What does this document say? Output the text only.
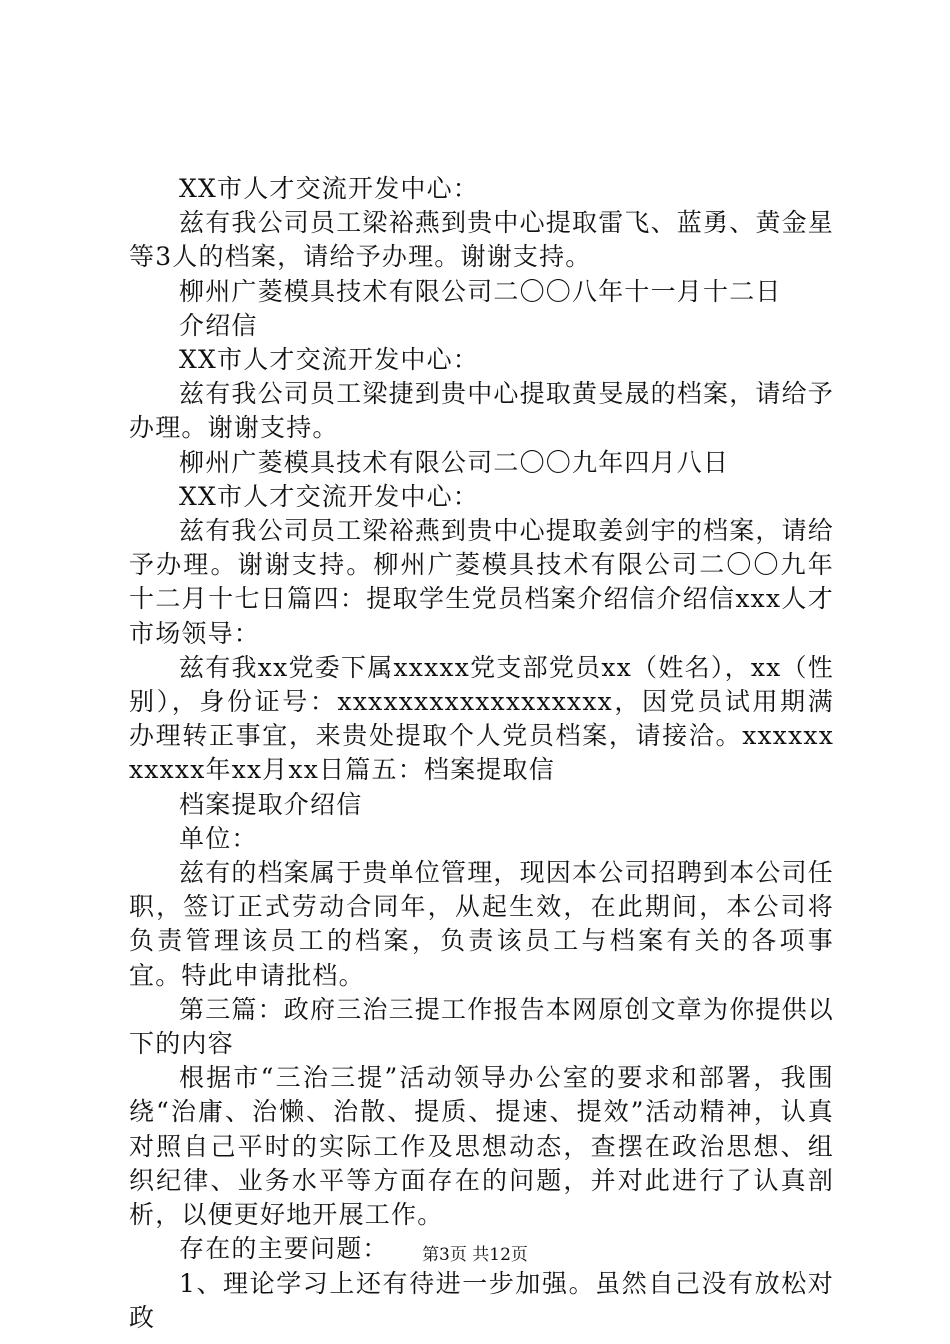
XX市人才交流开发中心：

兹有我公司员工梁裕燕到贵中心提取雷飞、蓝勇、黄金星等3人的档案，请给予办理。谢谢支持。

柳州广菱模具技术有限公司二〇〇八年十一月十二日

介绍信

XX市人才交流开发中心：

兹有我公司员工梁捷到贵中心提取黄旻晟的档案，请给予办理。谢谢支持。

柳州广菱模具技术有限公司二〇〇九年四月八日

XX市人才交流开发中心：

兹有我公司员工梁裕燕到贵中心提取姜剑宇的档案，请给予办理。谢谢支持。柳州广菱模具技术有限公司二〇〇九年十二月十七日篇四：提取学生党员档案介绍信介绍信xxx人才市场领导：

兹有我xx党委下属xxxxx党支部党员xx（姓名），xx（性别），身份证号：xxxxxxxxxxxxxxxxxx，因党员试用期满办理转正事宜，来贵处提取个人党员档案，请接洽。xxxxxxxxxxx年xx月xx日篇五：档案提取信

档案提取介绍信

单位：

兹有的档案属于贵单位管理，现因本公司招聘到本公司任职，签订正式劳动合同年，从起生效，在此期间，本公司将负责管理该员工的档案，负责该员工与档案有关的各项事宜。特此申请批档。

第三篇：政府三治三提工作报告本网原创文章为你提供以下的内容

根据市“三治三提”活动领导办公室的要求和部署，我围绕“治庸、治懒、治散、提质、提速、提效”活动精神，认真对照自己平时的实际工作及思想动态，查摆在政治思想、组织纪律、业务水平等方面存在的问题，并对此进行了认真剖析，以便更好地开展工作。

存在的主要问题：

1、理论学习上还有待进一步加强。虽然自己没有放松对政

第3页 共12页
